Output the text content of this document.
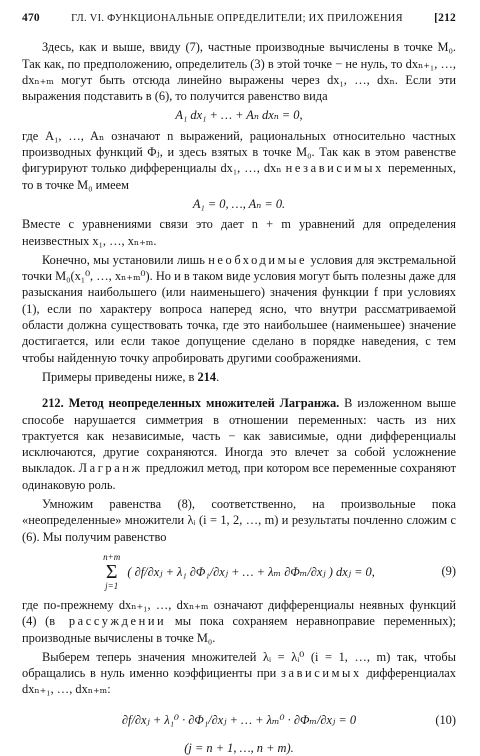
470	ГЛ. VI. ФУНКЦИОНАЛЬНЫЕ ОПРЕДЕЛИТЕЛИ; ИХ ПРИЛОЖЕНИЯ	[212

Здесь, как и выше, ввиду (7), частные производные вычислены в точке M₀. Так как, по предположению, определитель (3) в этой точке − не нуль, то dxₙ₊₁, …, dxₙ₊ₘ могут быть отсюда линейно выражены через dx₁, …, dxₙ. Если эти выражения подставить в (6), то получится равенство вида

A₁ dx₁ + … + Aₙ dxₙ = 0,

где A₁, …, Aₙ означают n выражений, рациональных относительно частных производных функций Φⱼ, и здесь взятых в точке M₀. Так как в этом равенстве фигурируют только дифференциалы dx₁, …, dxₙ независимых переменных, то в точке M₀ имеем

A₁ = 0, …, Aₙ = 0.

Вместе с уравнениями связи это дает n + m уравнений для определения неизвестных x₁, …, xₙ₊ₘ.

Конечно, мы установили лишь необходимые условия для экстремальной точки M₀(x₁⁰, …, xₙ₊ₘ⁰). Но и в таком виде условия могут быть полезны даже для разыскания наибольшего (или наименьшего) значения функции f при условиях (1), если по характеру вопроса наперед ясно, что внутри рассматриваемой области должна существовать точка, где это наибольшее (наименьшее) значение достигается, или если такое допущение сделано в порядке наведения, с тем чтобы найденную точку апробировать другими соображениями.

Примеры приведены ниже, в 214.

212. Метод неопределенных множителей Лагранжа. В изложенном выше способе нарушается симметрия в отношении переменных: часть из них трактуется как независимые, часть − как зависимые, одни дифференциалы исключаются, другие сохраняются. Иногда это влечет за собой усложнение выкладок. Лагранж предложил метод, при котором все переменные сохраняют одинаковую роль.

Умножим равенства (8), соответственно, на произвольные пока «неопределенные» множители λᵢ (i = 1, 2, …, m) и результаты почленно сложим с (6). Мы получим равенство

n+m
Σ
j=1
( ∂f/∂xⱼ + λ₁ ∂Φ₁/∂xⱼ + … + λₘ ∂Φₘ/∂xⱼ ) dxⱼ = 0,	(9)

где по-прежнему dxₙ₊₁, …, dxₙ₊ₘ означают дифференциалы неявных функций (4) (в рассуждении мы пока сохраняем неравноправие переменных); производные вычислены в точке M₀.

Выберем теперь значения множителей λᵢ = λᵢ⁰ (i = 1, …, m) так, чтобы обращались в нуль именно коэффициенты при зависимых дифференциалах dxₙ₊₁, …, dxₙ₊ₘ:

∂f/∂xⱼ + λ₁⁰ · ∂Φ₁/∂xⱼ + … + λₘ⁰ · ∂Φₘ/∂xⱼ = 0	(10)
(j = n + 1, …, n + m).
